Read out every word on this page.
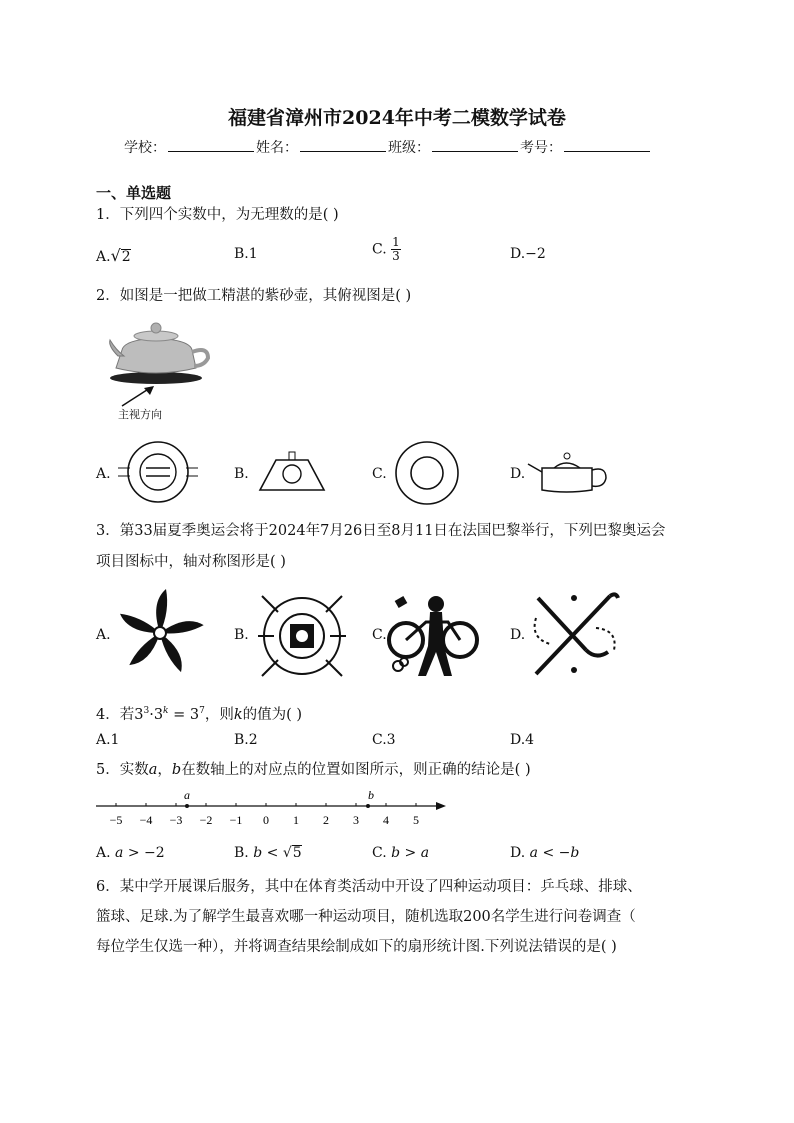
福建省漳州市2024年中考二模数学试卷
学校：	姓名：	班级：	考号：
一、单选题
1．下列四个实数中，为无理数的是( )
A.√2	B.1	C. $\frac{1}{3}$	D.−2
2．如图是一把做工精湛的紫砂壶，其俯视图是( )
主视方向
A.	B.	C.	D.
3．第33届夏季奥运会将于2024年7月26日至8月11日在法国巴黎举行，下列巴黎奥运会
项目图标中，轴对称图形是( )
A.	B.	C.	D.
4．若$3^3\cdot 3^k = 3^7$，则k的值为( )
A.1	B.2	C.3	D.4
5．实数a，b在数轴上的对应点的位置如图所示，则正确的结论是( )
−5 −4 −3 −2 −1 0 1 2 3 4 5
a	b
A. a > −2	B. b < √5	C. b > a	D. a < −b
6．某中学开展课后服务，其中在体育类活动中开设了四种运动项目：乒乓球、排球、
篮球、足球.为了解学生最喜欢哪一种运动项目，随机选取200名学生进行问卷调查（
每位学生仅选一种），并将调查结果绘制成如下的扇形统计图.下列说法错误的是( )
